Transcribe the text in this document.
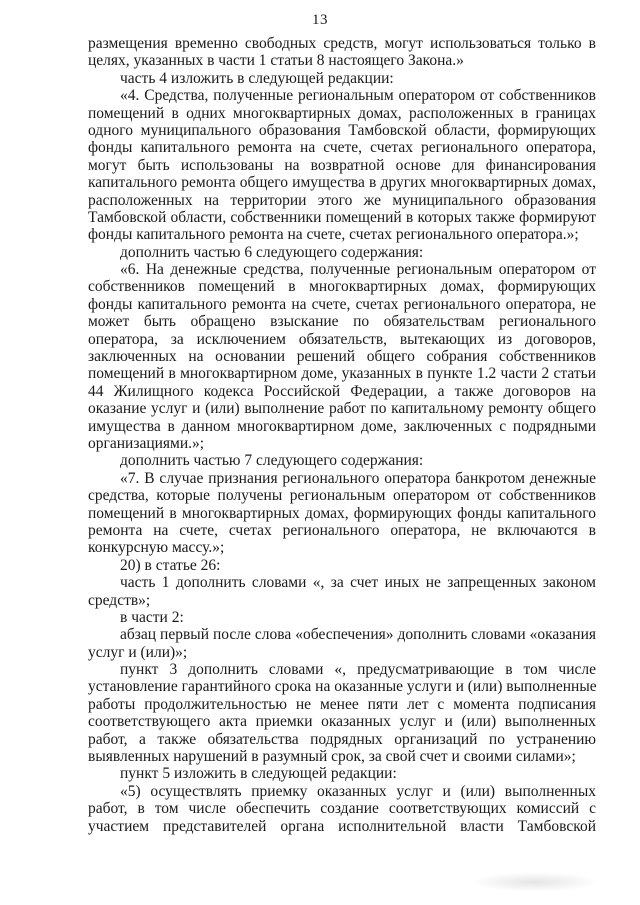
13
размещения временно свободных средств, могут использоваться только в
целях, указанных в части 1 статьи 8 настоящего Закона.»
часть 4 изложить в следующей редакции:
«4. Средства, полученные региональным оператором от собственников
помещений в одних многоквартирных домах, расположенных в границах
одного муниципального образования Тамбовской области, формирующих
фонды капитального ремонта на счете, счетах регионального оператора,
могут быть использованы на возвратной основе для финансирования
капитального ремонта общего имущества в других многоквартирных домах,
расположенных на территории этого же муниципального образования
Тамбовской области, собственники помещений в которых также формируют
фонды капитального ремонта на счете, счетах регионального оператора.»;
дополнить частью 6 следующего содержания:
«6. На денежные средства, полученные региональным оператором от
собственников помещений в многоквартирных домах, формирующих
фонды капитального ремонта на счете, счетах регионального оператора, не
может быть обращено взыскание по обязательствам регионального
оператора, за исключением обязательств, вытекающих из договоров,
заключенных на основании решений общего собрания собственников
помещений в многоквартирном доме, указанных в пункте 1.2 части 2 статьи
44 Жилищного кодекса Российской Федерации, а также договоров на
оказание услуг и (или) выполнение работ по капитальному ремонту общего
имущества в данном многоквартирном доме, заключенных с подрядными
организациями.»;
дополнить частью 7 следующего содержания:
«7. В случае признания регионального оператора банкротом денежные
средства, которые получены региональным оператором от собственников
помещений в многоквартирных домах, формирующих фонды капитального
ремонта на счете, счетах регионального оператора, не включаются в
конкурсную массу.»;
20) в статье 26:
часть 1 дополнить словами «, за счет иных не запрещенных законом
средств»;
в части 2:
абзац первый после слова «обеспечения» дополнить словами «оказания
услуг и (или)»;
пункт 3 дополнить словами «, предусматривающие в том числе
установление гарантийного срока на оказанные услуги и (или) выполненные
работы продолжительностью не менее пяти лет с момента подписания
соответствующего акта приемки оказанных услуг и (или) выполненных
работ, а также обязательства подрядных организаций по устранению
выявленных нарушений в разумный срок, за свой счет и своими силами»;
пункт 5 изложить в следующей редакции:
«5) осуществлять приемку оказанных услуг и (или) выполненных
работ, в том числе обеспечить создание соответствующих комиссий с
участием представителей органа исполнительной власти Тамбовской
